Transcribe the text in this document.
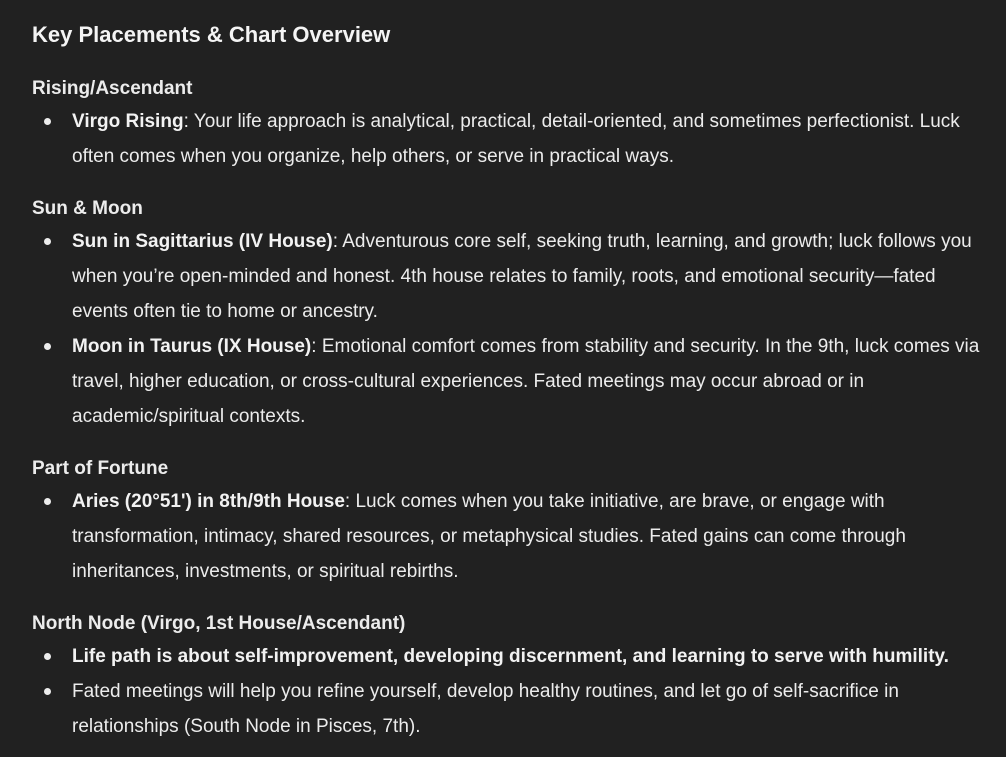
Key Placements & Chart Overview
Rising/Ascendant
Virgo Rising: Your life approach is analytical, practical, detail-oriented, and sometimes perfectionist. Luck often comes when you organize, help others, or serve in practical ways.
Sun & Moon
Sun in Sagittarius (IV House): Adventurous core self, seeking truth, learning, and growth; luck follows you when you’re open-minded and honest. 4th house relates to family, roots, and emotional security—fated events often tie to home or ancestry.
Moon in Taurus (IX House): Emotional comfort comes from stability and security. In the 9th, luck comes via travel, higher education, or cross-cultural experiences. Fated meetings may occur abroad or in academic/spiritual contexts.
Part of Fortune
Aries (20°51') in 8th/9th House: Luck comes when you take initiative, are brave, or engage with transformation, intimacy, shared resources, or metaphysical studies. Fated gains can come through inheritances, investments, or spiritual rebirths.
North Node (Virgo, 1st House/Ascendant)
Life path is about self-improvement, developing discernment, and learning to serve with humility.
Fated meetings will help you refine yourself, develop healthy routines, and let go of self-sacrifice in relationships (South Node in Pisces, 7th).
